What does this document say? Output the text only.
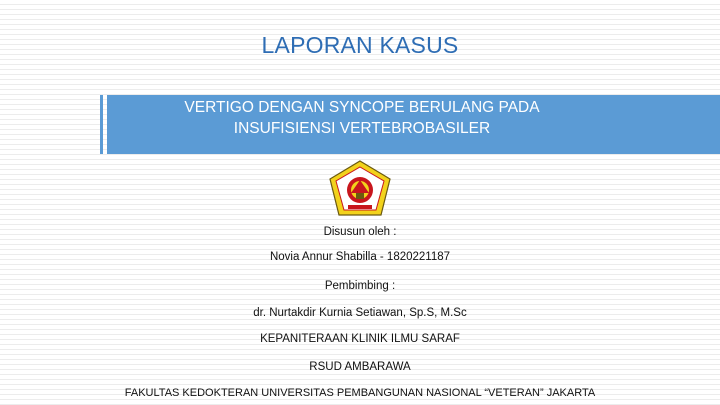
LAPORAN KASUS
VERTIGO DENGAN SYNCOPE BERULANG PADA
INSUFISIENSI VERTEBROBASILER
Disusun oleh :
Novia Annur Shabilla - 1820221187
Pembimbing :
dr. Nurtakdir Kurnia Setiawan, Sp.S, M.Sc
KEPANITERAAN KLINIK ILMU SARAF
RSUD AMBARAWA
FAKULTAS KEDOKTERAN UNIVERSITAS PEMBANGUNAN NASIONAL “VETERAN” JAKARTA
